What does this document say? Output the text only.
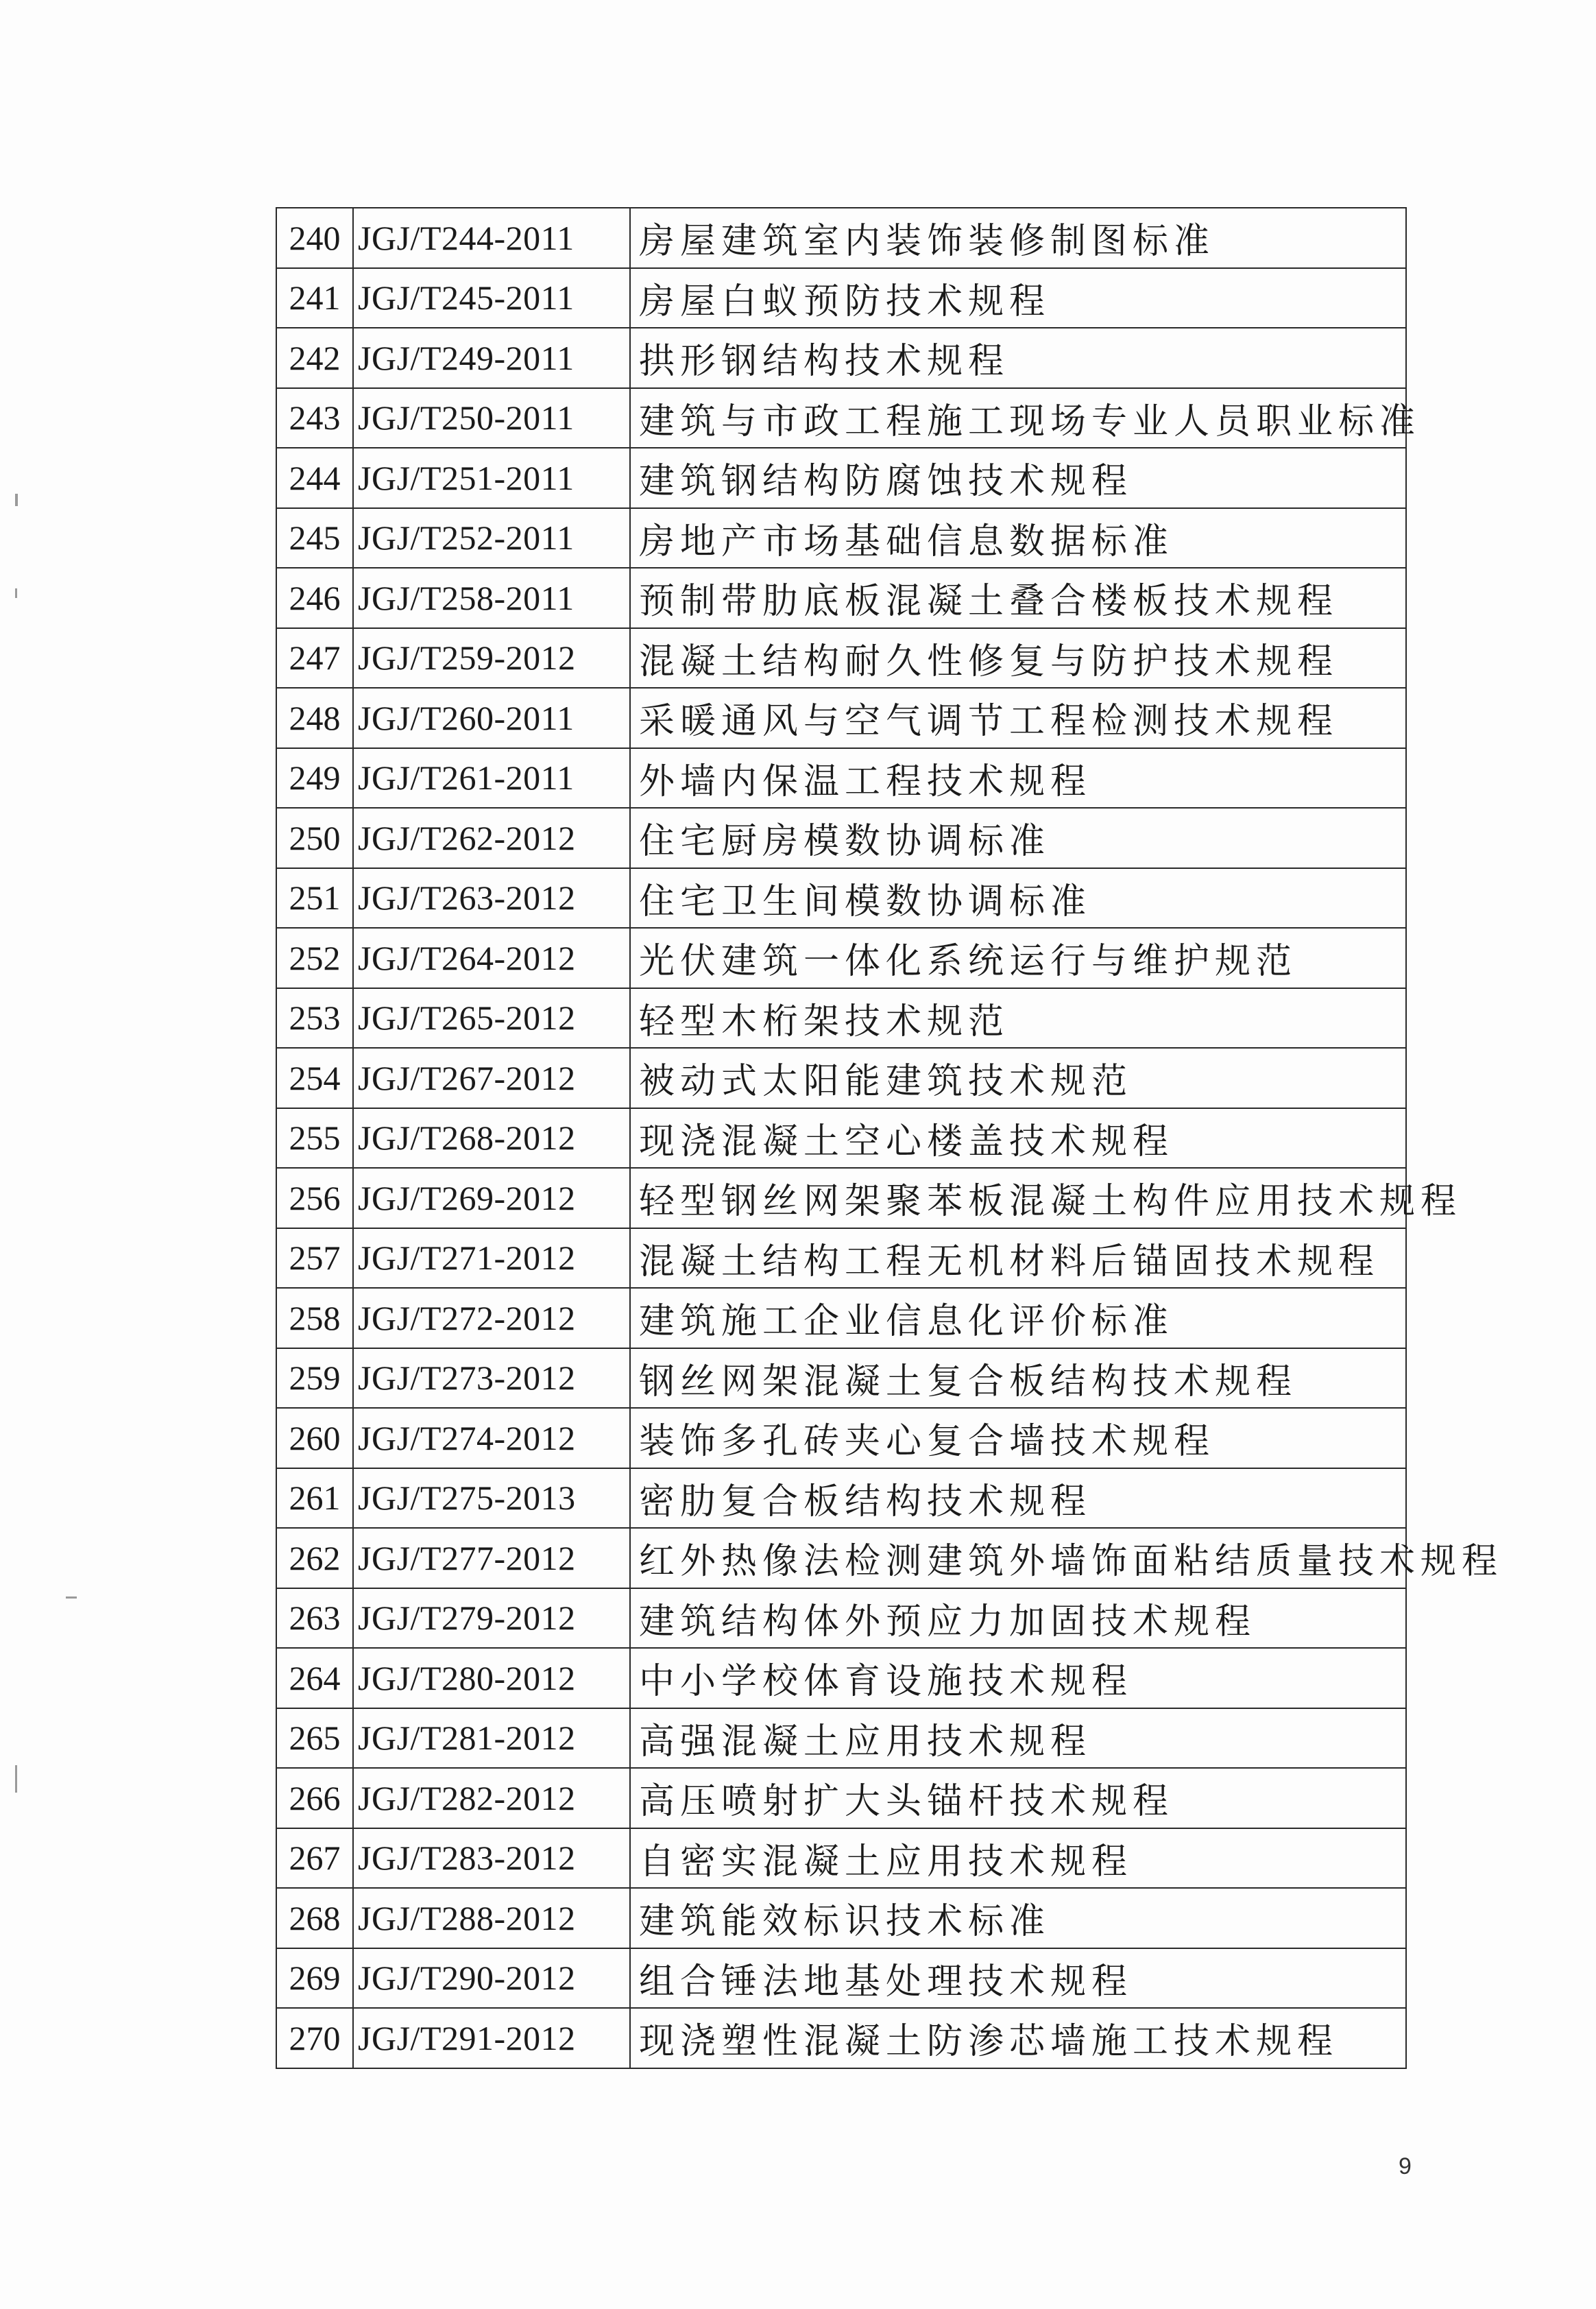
240	JGJ/T244-2011	房屋建筑室内装饰装修制图标准
241	JGJ/T245-2011	房屋白蚁预防技术规程
242	JGJ/T249-2011	拱形钢结构技术规程
243	JGJ/T250-2011	建筑与市政工程施工现场专业人员职业标准
244	JGJ/T251-2011	建筑钢结构防腐蚀技术规程
245	JGJ/T252-2011	房地产市场基础信息数据标准
246	JGJ/T258-2011	预制带肋底板混凝土叠合楼板技术规程
247	JGJ/T259-2012	混凝土结构耐久性修复与防护技术规程
248	JGJ/T260-2011	采暖通风与空气调节工程检测技术规程
249	JGJ/T261-2011	外墙内保温工程技术规程
250	JGJ/T262-2012	住宅厨房模数协调标准
251	JGJ/T263-2012	住宅卫生间模数协调标准
252	JGJ/T264-2012	光伏建筑一体化系统运行与维护规范
253	JGJ/T265-2012	轻型木桁架技术规范
254	JGJ/T267-2012	被动式太阳能建筑技术规范
255	JGJ/T268-2012	现浇混凝土空心楼盖技术规程
256	JGJ/T269-2012	轻型钢丝网架聚苯板混凝土构件应用技术规程
257	JGJ/T271-2012	混凝土结构工程无机材料后锚固技术规程
258	JGJ/T272-2012	建筑施工企业信息化评价标准
259	JGJ/T273-2012	钢丝网架混凝土复合板结构技术规程
260	JGJ/T274-2012	装饰多孔砖夹心复合墙技术规程
261	JGJ/T275-2013	密肋复合板结构技术规程
262	JGJ/T277-2012	红外热像法检测建筑外墙饰面粘结质量技术规程
263	JGJ/T279-2012	建筑结构体外预应力加固技术规程
264	JGJ/T280-2012	中小学校体育设施技术规程
265	JGJ/T281-2012	高强混凝土应用技术规程
266	JGJ/T282-2012	高压喷射扩大头锚杆技术规程
267	JGJ/T283-2012	自密实混凝土应用技术规程
268	JGJ/T288-2012	建筑能效标识技术标准
269	JGJ/T290-2012	组合锤法地基处理技术规程
270	JGJ/T291-2012	现浇塑性混凝土防渗芯墙施工技术规程
9
